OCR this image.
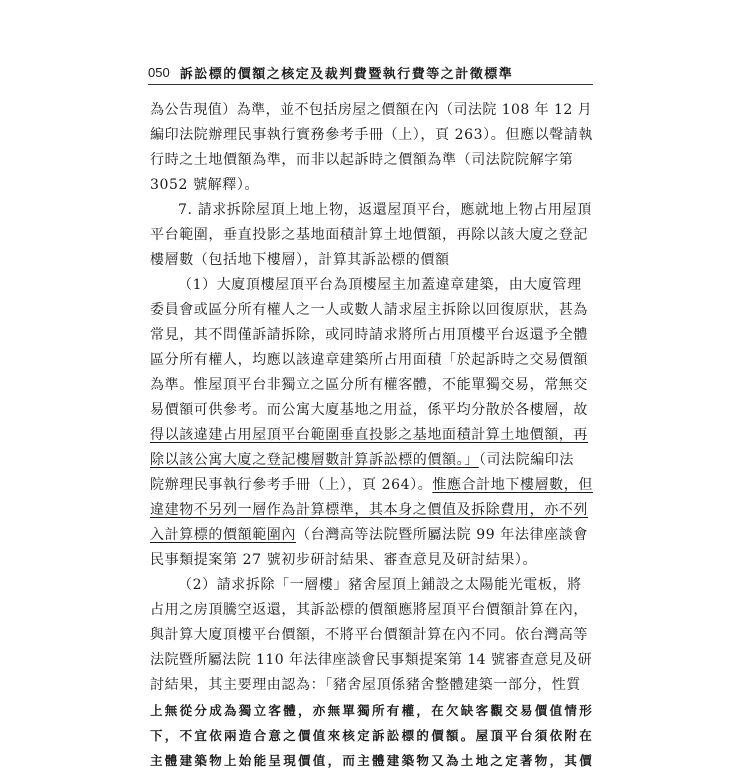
050 訴訟標的價額之核定及裁判費暨執行費等之計徵標準
為公告現值）為準，並不包括房屋之價額在內（司法院 108 年 12 月
編印法院辦理民事執行實務參考手冊（上），頁 263）。但應以聲請執
行時之土地價額為準，而非以起訴時之價額為準（司法院院解字第
3052 號解釋）。
7. 請求拆除屋頂上地上物，返還屋頂平台，應就地上物占用屋頂
平台範圍，垂直投影之基地面積計算土地價額，再除以該大廈之登記
樓層數（包括地下樓層），計算其訴訟標的價額
（1）大廈頂樓屋頂平台為頂樓屋主加蓋違章建築，由大廈管理
委員會或區分所有權人之一人或數人請求屋主拆除以回復原狀，甚為
常見，其不問僅訴請拆除，或同時請求將所占用頂樓平台返還予全體
區分所有權人，均應以該違章建築所占用面積「於起訴時之交易價額
為準。惟屋頂平台非獨立之區分所有權客體，不能單獨交易，常無交
易價額可供參考。而公寓大廈基地之用益，係平均分散於各樓層，故
得以該違建占用屋頂平台範圍垂直投影之基地面積計算土地價額，再
除以該公寓大廈之登記樓層數計算訴訟標的價額。」（司法院編印法
院辦理民事執行參考手冊（上），頁 264）。惟應合計地下樓層數，但
違建物不另列一層作為計算標準，其本身之價值及拆除費用，亦不列
入計算標的價額範圍內（台灣高等法院暨所屬法院 99 年法律座談會
民事類提案第 27 號初步研討結果、審查意見及研討結果）。
（2）請求拆除「一層樓」豬舍屋頂上鋪設之太陽能光電板，將
占用之房頂騰空返還，其訴訟標的價額應將屋頂平台價額計算在內，
與計算大廈頂樓平台價額，不將平台價額計算在內不同。依台灣高等
法院暨所屬法院 110 年法律座談會民事類提案第 14 號審查意見及研
討結果，其主要理由認為：「豬舍屋頂係豬舍整體建築一部分，性質
上無從分成為獨立客體，亦無單獨所有權，在欠缺客觀交易價值情形
下，不宜依兩造合意之價值來核定訴訟標的價額。屋頂平台須依附在
主體建築物上始能呈現價值，而主體建築物又為土地之定著物，其價
